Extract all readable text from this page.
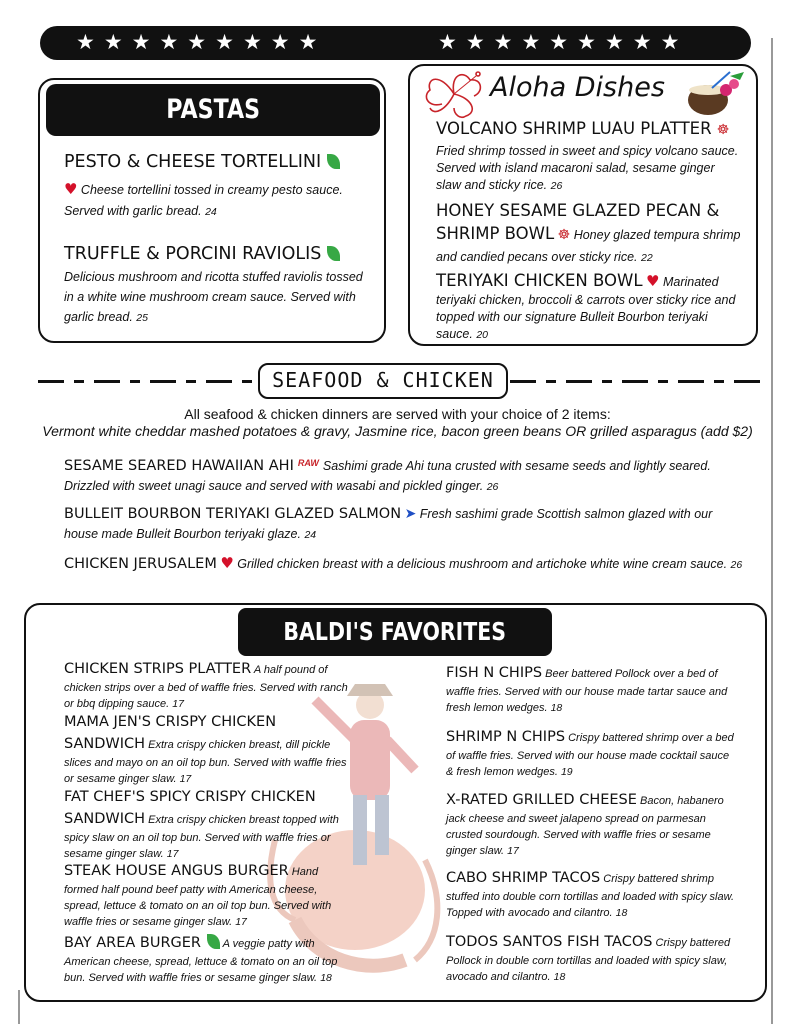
★★★★★★★★★	★★★★★★★★★
PASTAS
PESTO & CHEESE TORTELLINI
♥ Cheese tortellini tossed in creamy pesto sauce. Served with garlic bread. 24
TRUFFLE & PORCINI RAVIOLIS
Delicious mushroom and ricotta stuffed raviolis tossed in a white wine mushroom cream sauce. Served with garlic bread. 25
Aloha Dishes
VOLCANO SHRIMP LUAU PLATTER ☸
Fried shrimp tossed in sweet and spicy volcano sauce. Served with island macaroni salad, sesame ginger slaw and sticky rice. 26
HONEY SESAME GLAZED PECAN & SHRIMP BOWL ☸ Honey glazed tempura shrimp and candied pecans over sticky rice. 22
TERIYAKI CHICKEN BOWL ♥ Marinated teriyaki chicken, broccoli & carrots over sticky rice and topped with our signature Bulleit Bourbon teriyaki sauce. 20
SEAFOOD & CHICKEN
All seafood & chicken dinners are served with your choice of 2 items:
Vermont white cheddar mashed potatoes & gravy, Jasmine rice, bacon green beans OR grilled asparagus (add $2)
SESAME SEARED HAWAIIAN AHI $^{RAW}$ Sashimi grade Ahi tuna crusted with sesame seeds and lightly seared. Drizzled with sweet unagi sauce and served with wasabi and pickled ginger. 26
BULLEIT BOURBON TERIYAKI GLAZED SALMON ➤ Fresh sashimi grade Scottish salmon glazed with our house made Bulleit Bourbon teriyaki glaze. 24
CHICKEN JERUSALEM ♥ Grilled chicken breast with a delicious mushroom and artichoke white wine cream sauce. 26
BALDI'S FAVORITES
CHICKEN STRIPS PLATTER A half pound of chicken strips over a bed of waffle fries. Served with ranch or bbq dipping sauce. 17
MAMA JEN'S CRISPY CHICKEN SANDWICH Extra crispy chicken breast, dill pickle slices and mayo on an oil top bun. Served with waffle fries or sesame ginger slaw. 17
FAT CHEF'S SPICY CRISPY CHICKEN SANDWICH Extra crispy chicken breast topped with spicy slaw on an oil top bun. Served with waffle fries or sesame ginger slaw. 17
STEAK HOUSE ANGUS BURGER Hand formed half pound beef patty with American cheese, spread, lettuce & tomato on an oil top bun. Served with waffle fries or sesame ginger slaw. 17
BAY AREA BURGER A veggie patty with American cheese, spread, lettuce & tomato on an oil top bun. Served with waffle fries or sesame ginger slaw. 18
FISH N CHIPS Beer battered Pollock over a bed of waffle fries. Served with our house made tartar sauce and fresh lemon wedges. 18
SHRIMP N CHIPS Crispy battered shrimp over a bed of waffle fries. Served with our house made cocktail sauce & fresh lemon wedges. 19
X-RATED GRILLED CHEESE Bacon, habanero jack cheese and sweet jalapeno spread on parmesan crusted sourdough. Served with waffle fries or sesame ginger slaw. 17
CABO SHRIMP TACOS Crispy battered shrimp stuffed into double corn tortillas and loaded with spicy slaw. Topped with avocado and cilantro. 18
TODOS SANTOS FISH TACOS Crispy battered Pollock in double corn tortillas and loaded with spicy slaw, avocado and cilantro. 18
